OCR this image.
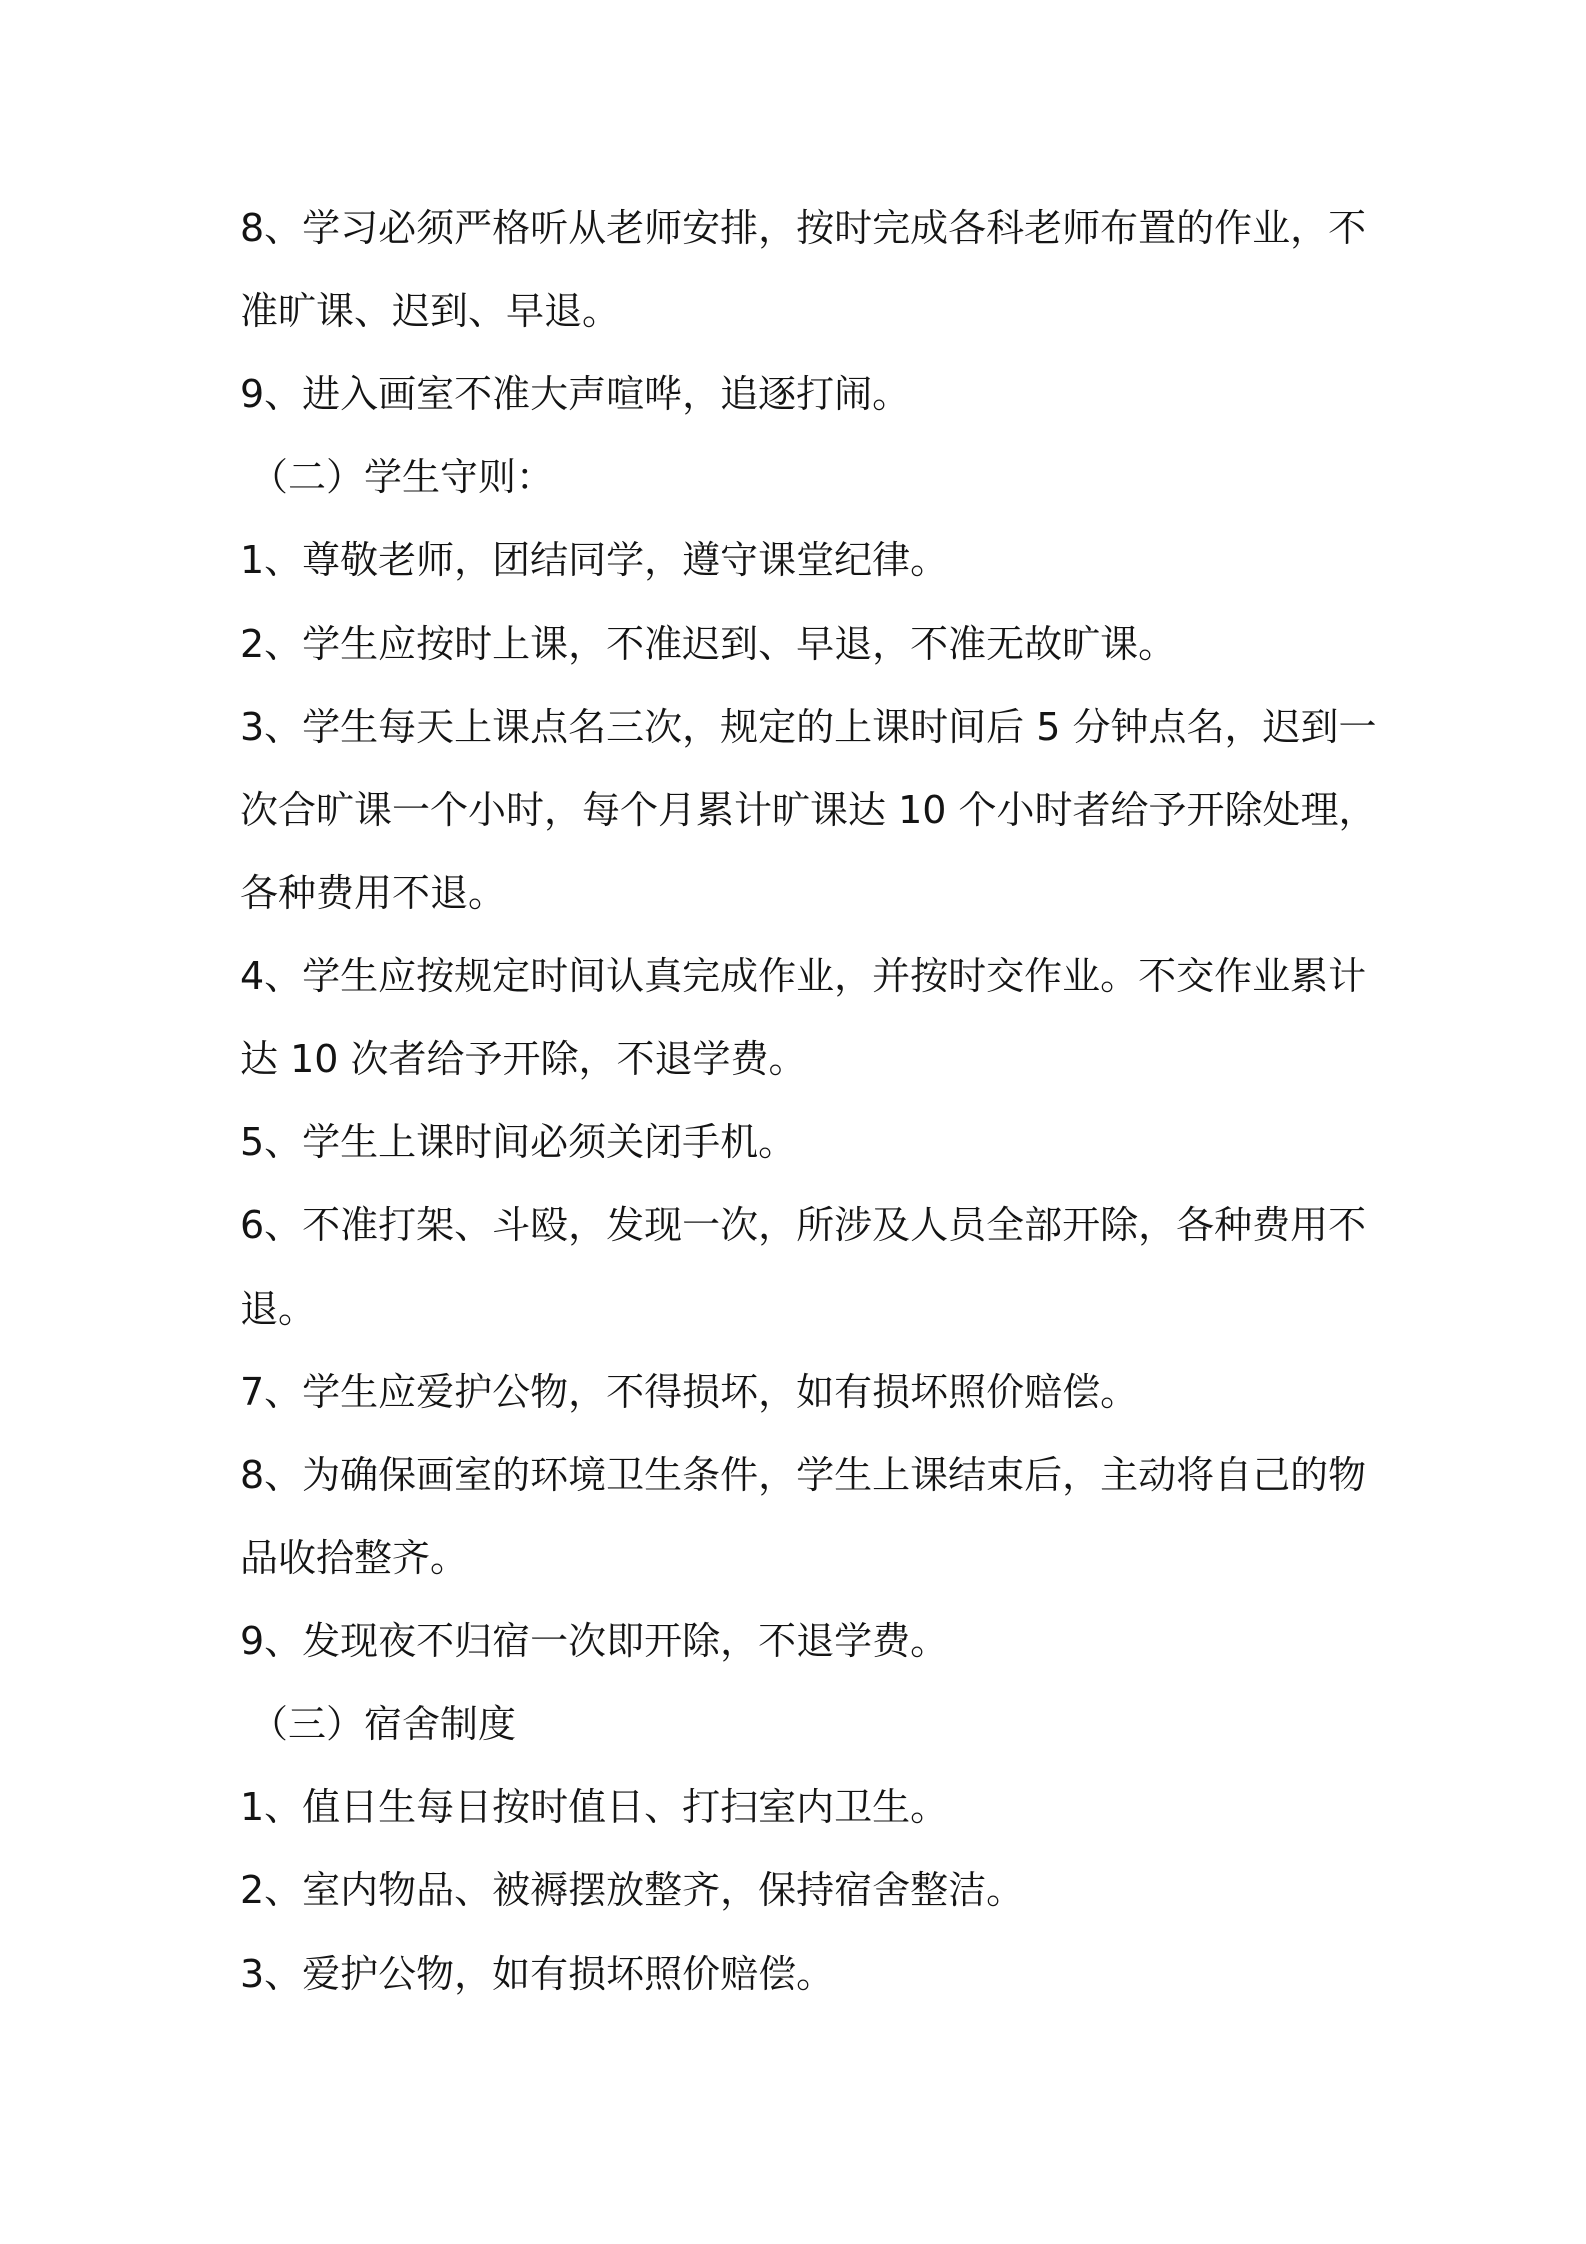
8、学习必须严格听从老师安排，按时完成各科老师布置的作业，不
准旷课、迟到、早退。
9、进入画室不准大声喧哗，追逐打闹。
（二）学生守则：
1、尊敬老师，团结同学，遵守课堂纪律。
2、学生应按时上课，不准迟到、早退，不准无故旷课。
3、学生每天上课点名三次，规定的上课时间后 5 分钟点名，迟到一
次合旷课一个小时，每个月累计旷课达 10 个小时者给予开除处理，
各种费用不退。
4、学生应按规定时间认真完成作业，并按时交作业。不交作业累计
达 10 次者给予开除，不退学费。
5、学生上课时间必须关闭手机。
6、不准打架、斗殴，发现一次，所涉及人员全部开除，各种费用不
退。
7、学生应爱护公物，不得损坏，如有损坏照价赔偿。
8、为确保画室的环境卫生条件，学生上课结束后，主动将自己的物
品收拾整齐。
9、发现夜不归宿一次即开除，不退学费。
（三）宿舍制度
1、值日生每日按时值日、打扫室内卫生。
2、室内物品、被褥摆放整齐，保持宿舍整洁。
3、爱护公物，如有损坏照价赔偿。
